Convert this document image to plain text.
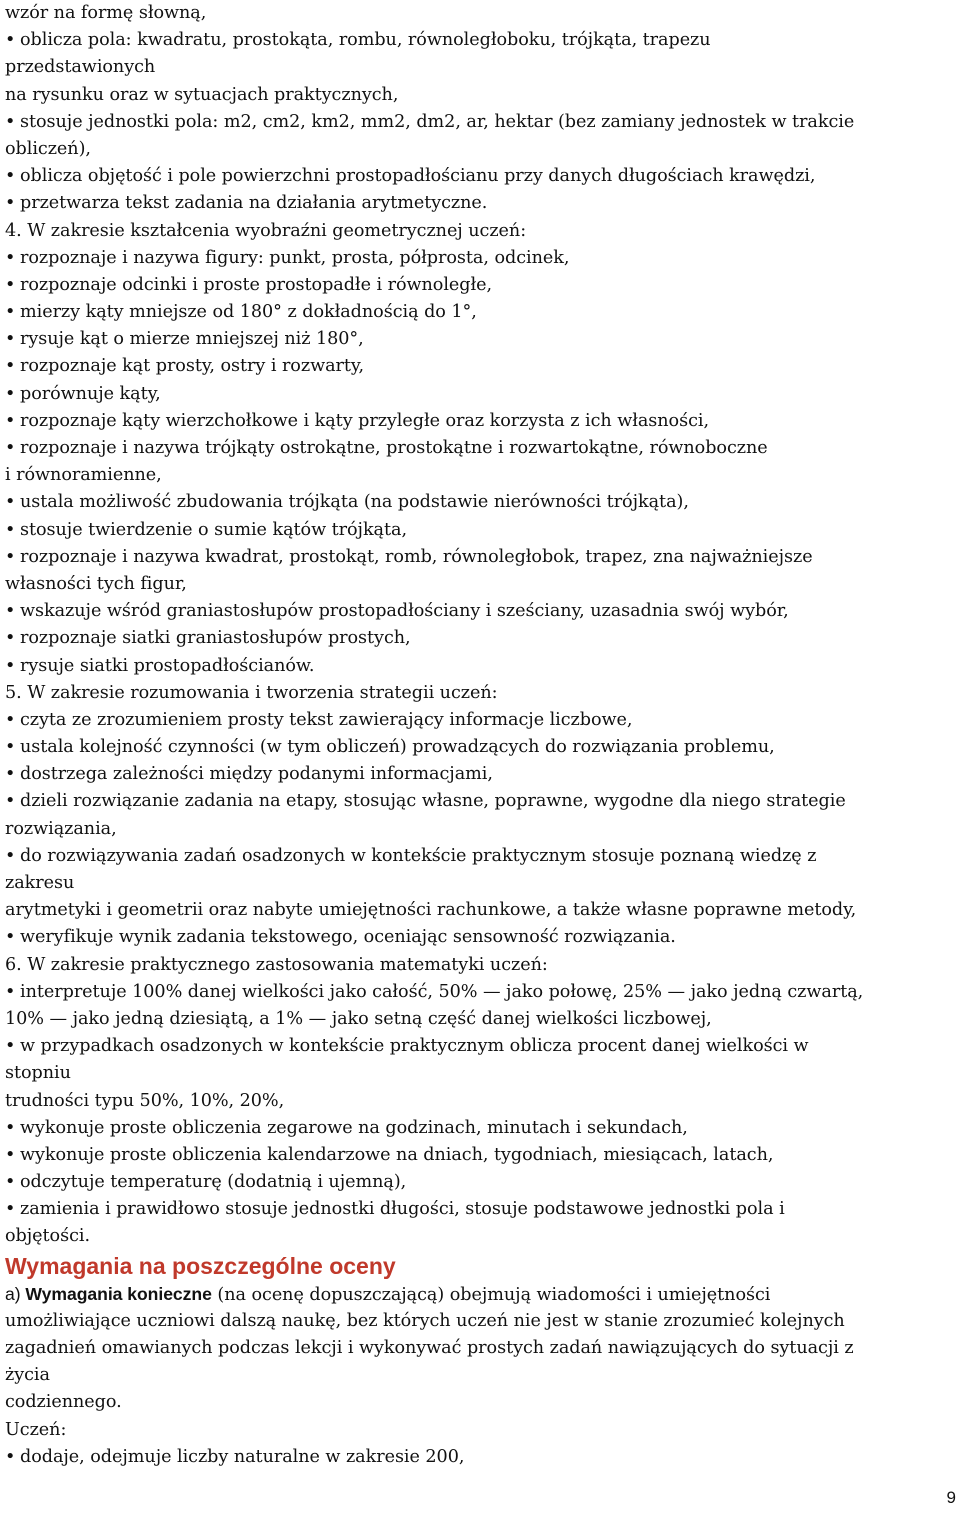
wzór na formę słowną,
• oblicza pola: kwadratu, prostokąta, rombu, równoległoboku, trójkąta, trapezu
przedstawionych
na rysunku oraz w sytuacjach praktycznych,
• stosuje jednostki pola: m2, cm2, km2, mm2, dm2, ar, hektar (bez zamiany jednostek w trakcie
obliczeń),
• oblicza objętość i pole powierzchni prostopadłościanu przy danych długościach krawędzi,
• przetwarza tekst zadania na działania arytmetyczne.
4. W zakresie kształcenia wyobraźni geometrycznej uczeń:
• rozpoznaje i nazywa figury: punkt, prosta, półprosta, odcinek,
• rozpoznaje odcinki i proste prostopadłe i równoległe,
• mierzy kąty mniejsze od 180° z dokładnością do 1°,
• rysuje kąt o mierze mniejszej niż 180°,
• rozpoznaje kąt prosty, ostry i rozwarty,
• porównuje kąty,
• rozpoznaje kąty wierzchołkowe i kąty przyległe oraz korzysta z ich własności,
• rozpoznaje i nazywa trójkąty ostrokątne, prostokątne i rozwartokątne, równoboczne
i równoramienne,
• ustala możliwość zbudowania trójkąta (na podstawie nierówności trójkąta),
• stosuje twierdzenie o sumie kątów trójkąta,
• rozpoznaje i nazywa kwadrat, prostokąt, romb, równoległobok, trapez, zna najważniejsze
własności tych figur,
• wskazuje wśród graniastosłupów prostopadłościany i sześciany, uzasadnia swój wybór,
• rozpoznaje siatki graniastosłupów prostych,
• rysuje siatki prostopadłościanów.
5. W zakresie rozumowania i tworzenia strategii uczeń:
• czyta ze zrozumieniem prosty tekst zawierający informacje liczbowe,
• ustala kolejność czynności (w tym obliczeń) prowadzących do rozwiązania problemu,
• dostrzega zależności między podanymi informacjami,
• dzieli rozwiązanie zadania na etapy, stosując własne, poprawne, wygodne dla niego strategie
rozwiązania,
• do rozwiązywania zadań osadzonych w kontekście praktycznym stosuje poznaną wiedzę z
zakresu
arytmetyki i geometrii oraz nabyte umiejętności rachunkowe, a także własne poprawne metody,
• weryfikuje wynik zadania tekstowego, oceniając sensowność rozwiązania.
6. W zakresie praktycznego zastosowania matematyki uczeń:
• interpretuje 100% danej wielkości jako całość, 50% — jako połowę, 25% — jako jedną czwartą,
10% — jako jedną dziesiątą, a 1% — jako setną część danej wielkości liczbowej,
• w przypadkach osadzonych w kontekście praktycznym oblicza procent danej wielkości w
stopniu
trudności typu 50%, 10%, 20%,
• wykonuje proste obliczenia zegarowe na godzinach, minutach i sekundach,
• wykonuje proste obliczenia kalendarzowe na dniach, tygodniach, miesiącach, latach,
• odczytuje temperaturę (dodatnią i ujemną),
• zamienia i prawidłowo stosuje jednostki długości, stosuje podstawowe jednostki pola i
objętości.
Wymagania na poszczególne oceny
a) Wymagania konieczne (na ocenę dopuszczającą) obejmują wiadomości i umiejętności
umożliwiające uczniowi dalszą naukę, bez których uczeń nie jest w stanie zrozumieć kolejnych
zagadnień omawianych podczas lekcji i wykonywać prostych zadań nawiązujących do sytuacji z
życia
codziennego.
Uczeń:
• dodaje, odejmuje liczby naturalne w zakresie 200,
9
